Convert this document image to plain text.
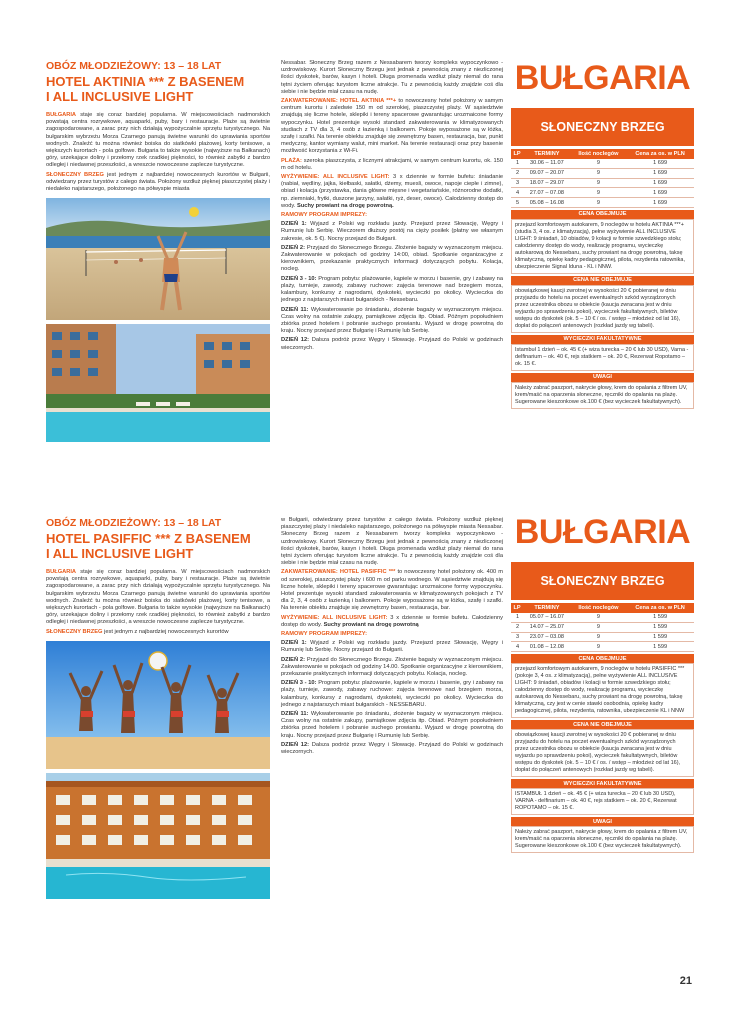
OBÓZ MŁODZIEŻOWY: 13 – 18 LAT
HOTEL AKTINIA *** Z BASENEM
I ALL INCLUSIVE LIGHT

BUŁGARIA staje się coraz bardziej popularna. W miejscowościach nadmorskich powstają centra rozrywkowe, aquaparki, puby, bary i restauracje. Plaże są świetnie zagospodarowane, a zarac przy nich działają wypożyczalnie sprzętu turystycznego. Na bułgarskim wybrzeżu Morza Czarnego panują świetne warunki do uprawiania sportów wodnych. Znaleźć tu można również boiska do siatkówki plażowej, korty tenisowe, a większych kurortach - pola golfowe. Bułgaria to także wysokie (najwyższe na Bałkanach) góry, urzekające doliny i przełomy rzek rzadkiej piękności, to również zabytki z bardzo odległej i niedawnej przeszłości, a wreszcie nowoczesne zaplecze turystyczne.

SŁONECZNY BRZEG jest jednym z najbardziej nowoczesnych kurortów w Bułgarii, odwiedzany przez turystów z całego świata. Położony wzdłuż pięknej piaszczystej plaży i niedaleko najstarszego, położonego na półwyspie miasta

Nessabar. Słoneczny Brzeg razem z Nessabarem tworzy kompleks wypoczynkowo - uzdrowiskowy. Kurort Słoneczny Brzegu jest jednak z pewnością znany z niezliczonej ilości dyskotek, barów, kasyn i hoteli. Długa promenada wzdłuż plaży niemal do rana tętni życiem oferując turystom liczne atrakcje. Tu z pewnością każdy znajdzie coś dla siebie i nie będzie miał czasu na nudę.

ZAKWATEROWANIE: HOTEL AKTINIA ***+ to nowoczesny hotel położony w samym centrum kurortu i zaledwie 150 m od szerokiej, piaszczystej plaży. W sąsiedztwie znajdują się liczne hotele, sklepiki i tereny spacerowe gwarantując urozmaicone formy wypoczynku. Hotel prezentuje wysoki standard zakwaterowania w klimatyzowanych studiach z TV dla 3, 4 osób z łazienką i balkonem. Pokoje wyposażone są w łóżka, szafę i szafki. Na terenie obiektu znajduje się zewnętrzny basen, restauracja, bar, punkt medyczny, kantor wymiany walut, mini market. Na terenie restauracji oraz przy basenie możliwość korzystania z Wi-Fi.

PLAŻA: szeroka piaszczysta, z licznymi atrakcjami, w samym centrum kurortu, ok. 150 m od hotelu.

WYŻYWIENIE: ALL INCLUSIVE LIGHT: 3 x dziennie w formie bufetu: śniadanie (nabiał, wędliny, jajka, kiełbaski, sałatki, dżemy, muesli, owoce, napoje ciepłe i zimne), obiad i kolacja (przystawka, dania główne mięsne i wegetariańskie, różnorodne dodatki, np. ziemniaki, frytki, duszone jarzyny, sałatki, ryż, deser, owoce). Całodzienny dostęp do wody. Suchy prowiant na drogę powrotną.

RAMOWY PROGRAM IMPREZY:

DZIEŃ 1: Wyjazd z Polski wg rozkładu jazdy. Przejazd przez Słowację, Węgry i Rumunię lub Serbię. Wieczorem dłuższy postój na cięży posiłek (płatny we własnym zakresie, ok. 5 €). Nocny przejazd do Bułgarii.

DZIEŃ 2: Przyjazd do Słonecznego Brzegu. Złożenie bagaży w wyznaczonym miejscu. Zakwaterowanie w pokojach od godziny 14:00, obiad. Spotkanie organizacyjne z kierownikiem, przekazanie praktycznych informacji dotyczących pobytu. Kolacja, nocleg.

DZIEŃ 3 - 10: Program pobytu: plażowanie, kąpiele w morzu i basenie, gry i zabawy na plaży, turnieje, zawody, zabawy ruchowe: zajęcia terenowe nad brzegiem morza, kalambury, konkursy z nagrodami, dyskoteki, wycieczki po okolicy. Wycieczka do jednego z najstarszych miast bułgarskich - Nessebaru.

DZIEŃ 11: Wykwaterowanie po śniadaniu, złożenie bagaży w wyznaczonym miejscu. Czas wolny na ostatnie zakupy, pamiątkowe zdjęcia itp. Obiad. Późnym popołudniem zbiórka przed hotelem i pobranie suchego prowiantu. Wyjazd w drogę powrotną do kraju. Nocny przejazd przez Bułgarię i Rumunię lub Serbię.

DZIEŃ 12: Dalsza podróż przez Węgry i Słowację. Przyjazd do Polski w godzinach wieczornych.

BUŁGARIA
SŁONECZNY BRZEG
LP	TERMINY	Ilość noclegów	Cena za os. w PLN
1	30.06 – 11.07	9	1 699
2	09.07 – 20.07	9	1 699
3	18.07 – 29.07	9	1 699
4	27.07 – 07.08	9	1 699
5	05.08 – 16.08	9	1 699
CENA OBEJMUJE
przejazd komfortowym autokarem, 9 noclegów w hotelu AKTINIA ***+ (studia 3, 4 os. z klimatyzacją), pełne wyżywienie ALL INCLUSIVE LIGHT: 9 śniadań, 10 obiadów, 9 kolacji w formie szwedzkiego stołu; całodzienny dostęp do wody, realizację programu, wycieczkę autokarową do Nessebaru, suchy prowiant na drogę powrotną, taksę klimatyczną, opiekę kadry pedagogicznej, pilota, rezydenta ratownika, ubezpieczenie Signal Iduna - KL i NNW.
CENA NIE OBEJMUJE
obowiązkowej kaucji zwrotnej w wysokości 20 € pobieranej w dniu przyjazdu do hotelu na poczet ewentualnych szkód wyrządzonych przez uczestnika obozu w obiekcie (kaucja zwracana jest w dniu wyjazdu po sprawdzeniu pokoi), wycieczek fakultatywnych, biletów wstępu do dyskotek (ok. 5 – 10 € / os. / wstęp – młodzież od lat 16), dopłat do połączeń antenowych (rozkład jazdy wg tabeli).
WYCIECZKI FAKULTATYWNE
Istambuł 1 dzień – ok. 45 € (+ wiza turecka – 20 € lub 30 USD), Varna - delfinarium – ok. 40 €, rejs statkiem – ok. 20 €, Rezerwat Ropotamo – ok. 15 €.
UWAGI
Należy zabrać paszport, nakrycie głowy, krem do opalania z filtrem UV, krem/maść na oparzenia słoneczne, ręczniki do opalania na plażę. Sugerowane kieszonkowe ok.100 € (bez wycieczek fakultatywnych).
OBÓZ MŁODZIEŻOWY: 13 – 18 LAT
HOTEL PASIFFIC *** Z BASENEM
I ALL INCLUSIVE LIGHT

BUŁGARIA staje się coraz bardziej popularna. W miejscowościach nadmorskich powstają centra rozrywkowe, aquaparki, puby, bary i restauracje. Plaże są świetnie zagospodarowane, a zarac przy nich działają wypożyczalnie sprzętu turystycznego. Na bułgarskim wybrzeżu Morza Czarnego panują świetne warunki do uprawiania sportów wodnych. Znaleźć tu można również boiska do siatkówki plażowej, korty tenisowe, a większych kurortach - pola golfowe. Bułgaria to także wysokie (najwyższe na Bałkanach) góry, urzekające doliny i przełomy rzek rzadkiej piękności, to również zabytki z bardzo odległej i niedawnej przeszłości, a wreszcie nowoczesne zaplecze turystyczne.

SŁONECZNY BRZEG jest jednym z najbardziej nowoczesnych kurortów

w Bułgarii, odwiedzany przez turystów z całego świata. Położony wzdłuż pięknej piaszczystej plaży i niedaleko najstarszego, położonego na półwyspie miasta Nessabar. Słoneczny Brzeg razem z Nessabarem tworzy kompleks wypoczynkowo - uzdrowiskowy. Kurort Słoneczny Brzegu jest jednak z pewnością znany z niezliczonej ilości dyskotek, barów, kasyn i hoteli. Długa promenada wzdłuż plaży niemal do rana tętni życiem oferując turystom liczne atrakcje. Tu z pewnością każdy znajdzie coś dla siebie i nie będzie miał czasu na nudę.

ZAKWATEROWANIE: HOTEL PASIFFIC *** to nowoczesny hotel położony ok. 400 m od szerokiej, piaszczystej plaży i 600 m od parku wodnego. W sąsiedztwie znajdują się liczne hotele, sklepiki i tereny spacerowe gwarantując urozmaicone formy wypoczynku. Hotel prezentuje wysoki standard zakwaterowania w klimatyzowanych pokojach z TV dla 2, 3, 4 osób z łazienką i balkonem. Pokoje wyposażone są w łóżka, szafę i szafki. Na terenie obiektu znajduje się zewnętrzny basen, restauracja, bar.

WYŻYWIENIE: ALL INCLUSIVE LIGHT: 3 x dziennie w formie bufetu. Całodzienny dostęp do wody. Suchy prowiant na drogę powrotną

RAMOWY PROGRAM IMPREZY:

DZIEŃ 1: Wyjazd z Polski wg rozkładu jazdy. Przejazd przez Słowację, Węgry i Rumunię lub Serbię. Nocny przejazd do Bułgarii.

DZIEŃ 2: Przyjazd do Słonecznego Brzegu. Złożenie bagaży w wyznaczonym miejscu. Zakwaterowanie w pokojach od godziny 14.00. Spotkanie organizacyjne z kierownikiem, przekazanie praktycznych informacji dotyczących pobytu. Kolacja, nocleg.

DZIEŃ 3 - 10: Program pobytu: plażowanie, kąpiele w morzu i basenie, gry i zabawy na plaży, turnieje, zawody, zabawy ruchowe: zajęcia terenowe nad brzegiem morza, kalambury, konkursy z nagrodami, dyskoteki, wycieczki po okolicy. Wycieczka do jednego z najstarszych miast bułgarskich - NESSEBARU.

DZIEŃ 11: Wykwaterowanie po śniadaniu, złożenie bagaży w wyznaczonym miejscu. Czas wolny na ostatnie zakupy, pamiątkowe zdjęcia itp. Obiad. Późnym popołudniem zbiórka przed hotelem i pobranie suchego prowiantu. Wyjazd w drogę powrotną do kraju. Nocny przejazd przez Bułgarię i Rumunię lub Serbię.

DZIEŃ 12: Dalsza podróż przez Węgry i Słowację. Przyjazd do Polski w godzinach wieczornych.

BUŁGARIA
SŁONECZNY BRZEG
LP	TERMINY	Ilość noclegów	Cena za os. w PLN
1	05.07 – 16.07	9	1 599
2	14.07 – 25.07	9	1 599
3	23.07 – 03.08	9	1 599
4	01.08 – 12.08	9	1 599
CENA OBEJMUJE
przejazd komfortowym autokarem, 9 noclegów w hotelu PASIFFIC *** (pokoje 3, 4 os. z klimatyzacją), pełne wyżywienie ALL INCLUSIVE LIGHT: 9 śniadań, obiadów i kolacji w formie szwedzkiego stołu; całodzienny dostęp do wody, realizację programu, wycieczkę autokarową do Nessebaru, suchy prowiant na drogę powrotną, taksę klimatyczną, czy jest w cenie stawki osobodnia, opiekę kadry pedagogicznej, pilota, rezydenta, ratownika, ubezpieczenie KL i NNW
CENA NIE OBEJMUJE
obowiązkowej kaucji zwrotnej w wysokości 20 € pobieranej w dniu przyjazdu do hotelu na poczet ewentualnych szkód wyrządzonych przez uczestnika obozu w obiekcie (kaucja zwracana jest w dniu wyjazdu po sprawdzeniu pokoi), wycieczek fakultatywnych, biletów wstępu do dyskotek (ok. 5 – 10 € / os. / wstęp – młodzież od lat 16), dopłat do połączeń antenowych (rozkład jazdy wg tabeli).
WYCIECZKI FAKULTATYWNE
ISTAMBUŁ 1 dzień – ok. 45 € (+ wiza turecka – 20 € lub 30 USD), VARNA - delfinarium – ok. 40 €, rejs statkiem – ok. 20 €, Rezerwat ROPOTAMO – ok. 15 €.
UWAGI
Należy zabrać paszport, nakrycie głowy, krem do opalania z filtrem UV, krem/maść na oparzenia słoneczne, ręczniki do opalania na plażę. Sugerowane kieszonkowe ok.100 € (bez wycieczek fakultatywnych).
21
